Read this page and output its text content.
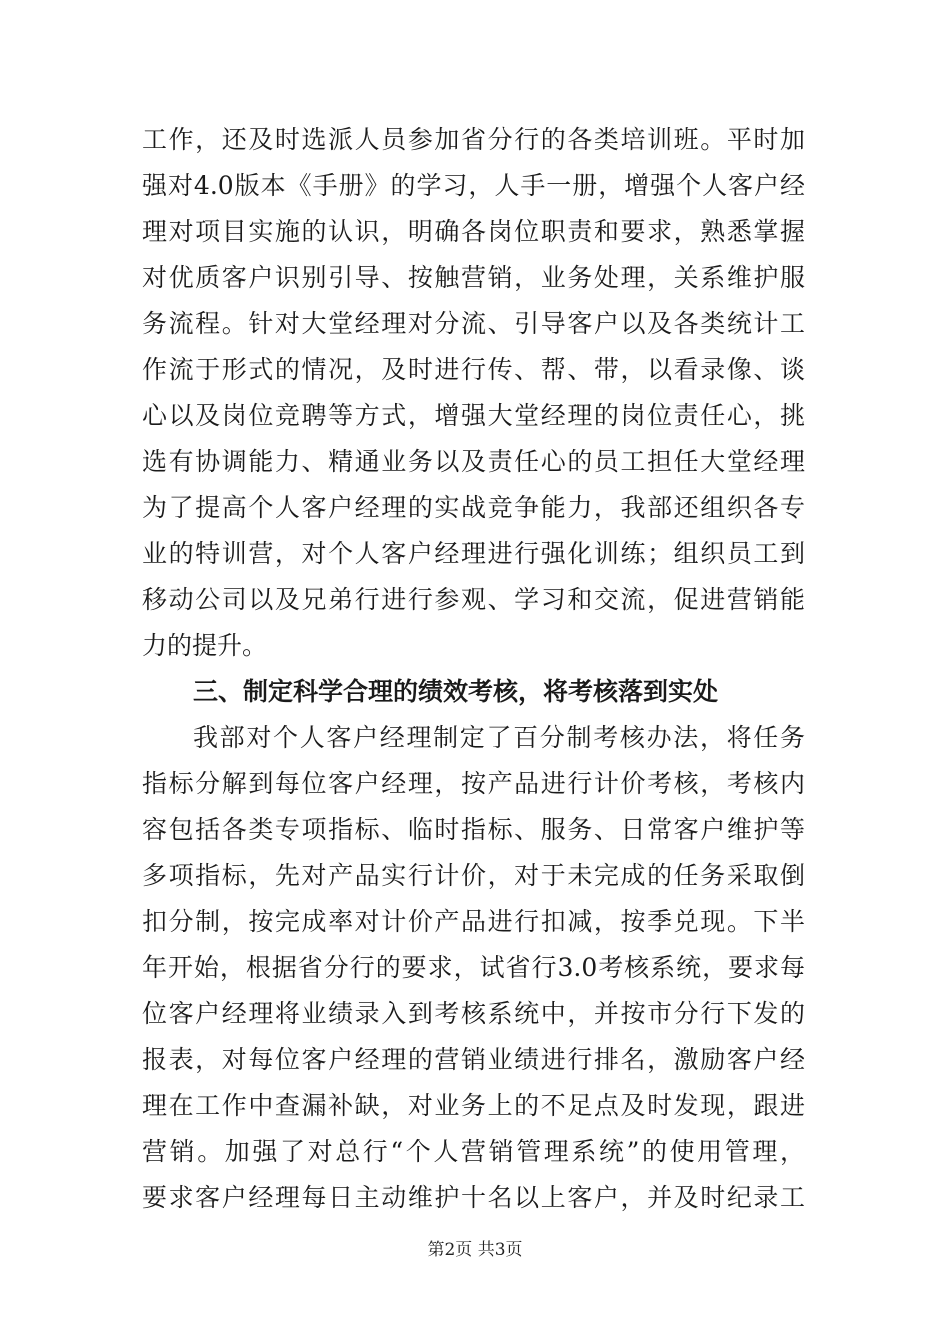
工作，还及时选派人员参加省分行的各类培训班。平时加
强对4.0版本《手册》的学习，人手一册，增强个人客户经
理对项目实施的认识，明确各岗位职责和要求，熟悉掌握
对优质客户识别引导、按触营销，业务处理，关系维护服
务流程。针对大堂经理对分流、引导客户以及各类统计工
作流于形式的情况，及时进行传、帮、带，以看录像、谈
心以及岗位竞聘等方式，增强大堂经理的岗位责任心，挑
选有协调能力、精通业务以及责任心的员工担任大堂经理
为了提高个人客户经理的实战竞争能力，我部还组织各专
业的特训营，对个人客户经理进行强化训练；组织员工到
移动公司以及兄弟行进行参观、学习和交流，促进营销能
力的提升。
三、制定科学合理的绩效考核，将考核落到实处
我部对个人客户经理制定了百分制考核办法，将任务
指标分解到每位客户经理，按产品进行计价考核，考核内
容包括各类专项指标、临时指标、服务、日常客户维护等
多项指标，先对产品实行计价，对于未完成的任务采取倒
扣分制，按完成率对计价产品进行扣减，按季兑现。下半
年开始，根据省分行的要求，试省行3.0考核系统，要求每
位客户经理将业绩录入到考核系统中，并按市分行下发的
报表，对每位客户经理的营销业绩进行排名，激励客户经
理在工作中查漏补缺，对业务上的不足点及时发现，跟进
营销。加强了对总行“个人营销管理系统”的使用管理，
要求客户经理每日主动维护十名以上客户，并及时纪录工
第2页 共3页
